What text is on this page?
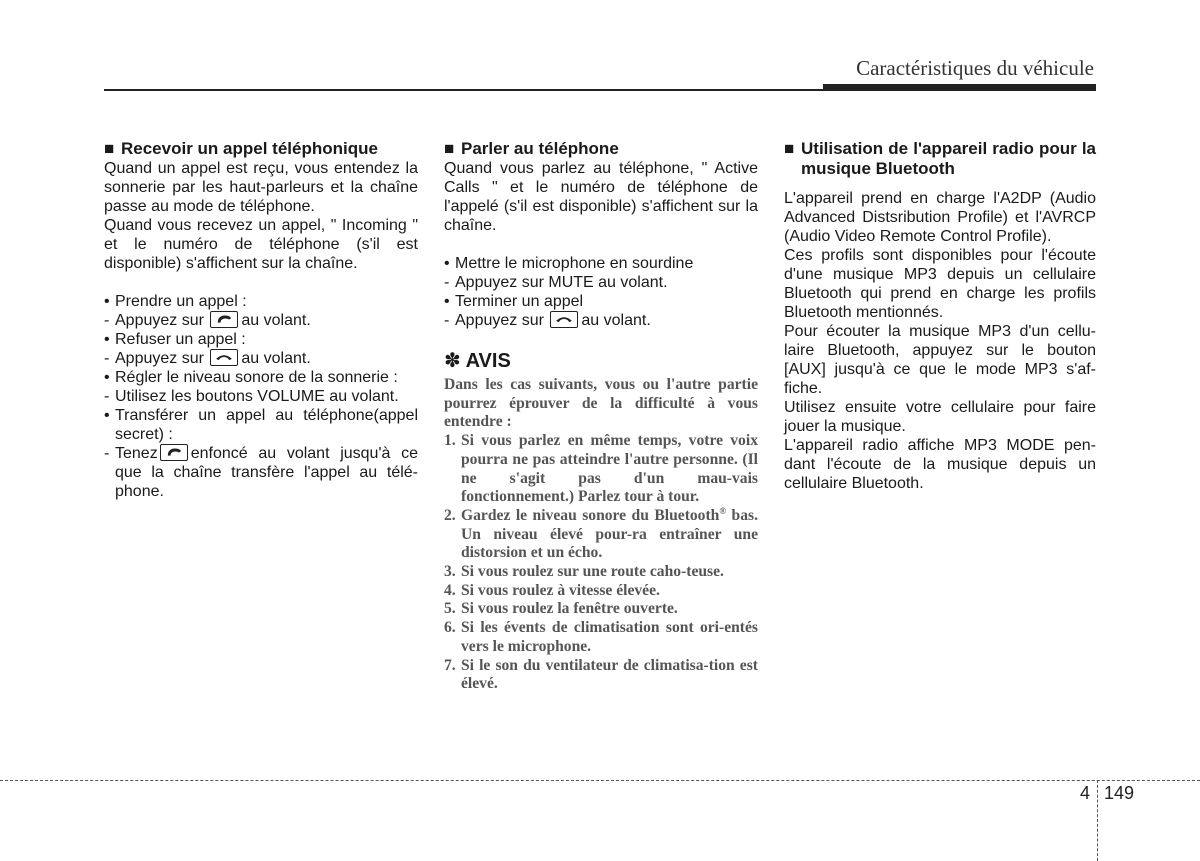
Caractéristiques du véhicule
■ Recevoir un appel téléphonique

Quand un appel est reçu, vous entendez la sonnerie par les haut-parleurs et la chaîne passe au mode de téléphone.

Quand vous recevez un appel, " Incoming " et le numéro de téléphone (s'il est disponible) s'affichent sur la chaîne.

• Prendre un appel :

- Appuyez sur au volant.

• Refuser un appel :

- Appuyez sur au volant.

• Régler le niveau sonore de la sonnerie :

- Utilisez les boutons VOLUME au volant.

• Transférer un appel au téléphone(appel secret) :

- Tenez enfoncé au volant jusqu'à ce que la chaîne transfère l'appel au télé-phone.

■ Parler au téléphone

Quand vous parlez au téléphone, " Active Calls " et le numéro de téléphone de l'appelé (s'il est disponible) s'affichent sur la chaîne.

• Mettre le microphone en sourdine

- Appuyez sur MUTE au volant.

• Terminer un appel

- Appuyez sur au volant.

✽ AVIS

Dans les cas suivants, vous ou l'autre partie pourrez éprouver de la difficulté à vous entendre :

1. Si vous parlez en même temps, votre voix pourra ne pas atteindre l'autre personne. (Il ne s'agit pas d'un mau-vais fonctionnement.) Parlez tour à tour.

2. Gardez le niveau sonore du Bluetooth® bas. Un niveau élevé pour-ra entraîner une distorsion et un écho.

3. Si vous roulez sur une route caho-teuse.

4. Si vous roulez à vitesse élevée.

5. Si vous roulez la fenêtre ouverte.

6. Si les évents de climatisation sont ori-entés vers le microphone.

7. Si le son du ventilateur de climatisa-tion est élevé.

■ Utilisation de l'appareil radio pour la musique Bluetooth

L'appareil prend en charge l'A2DP (Audio Advanced Distsribution Profile) et l'AVRCP (Audio Video Remote Control Profile).

Ces profils sont disponibles pour l'écoute d'une musique MP3 depuis un cellulaire Bluetooth qui prend en charge les profils Bluetooth mentionnés.

Pour écouter la musique MP3 d'un cellu-laire Bluetooth, appuyez sur le bouton [AUX] jusqu'à ce que le mode MP3 s'af-fiche.

Utilisez ensuite votre cellulaire pour faire jouer la musique.

L'appareil radio affiche MP3 MODE pen-dant l'écoute de la musique depuis un cellulaire Bluetooth.

4 149
